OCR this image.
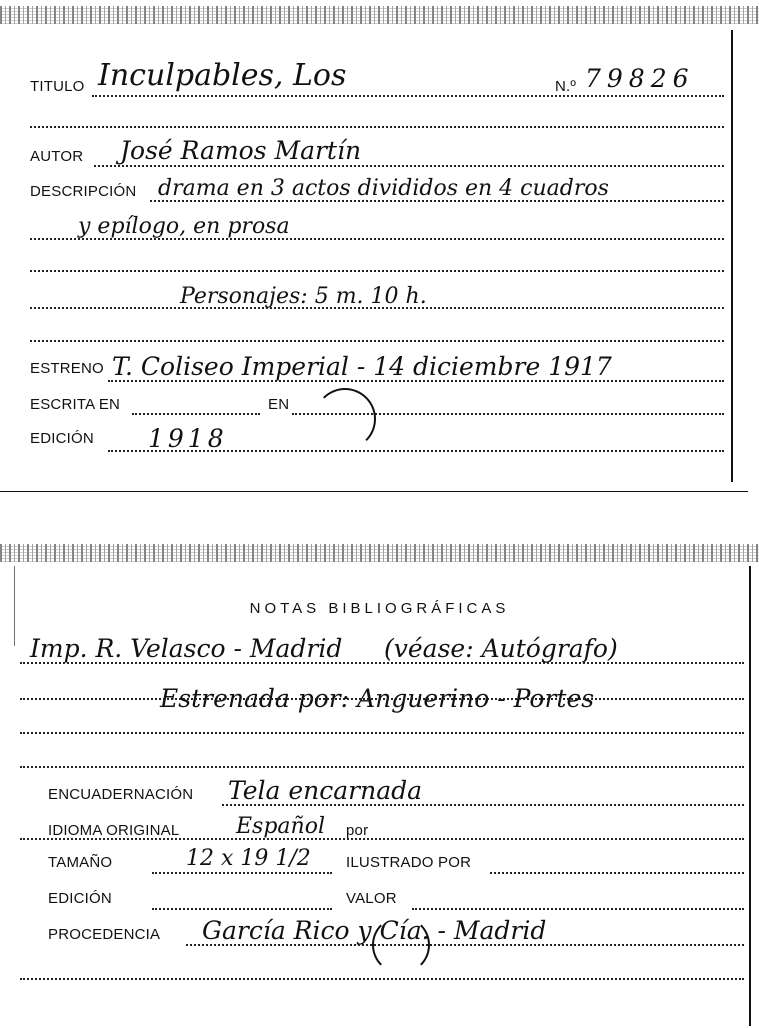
TITULO Inculpables, Los	N.º 79826
AUTOR José Ramos Martín
DESCRIPCIÓN drama en 3 actos divididos en 4 cuadros
y epílogo, en prosa
Personajes: 5 m. 10 h.
ESTRENO T. Coliseo Imperial - 14 diciembre 1917
ESCRITA EN	EN
EDICIÓN 1918
NOTAS BIBLIOGRÁFICAS
Imp. R. Velasco - Madrid (véase: Autógrafo)
Estrenada por: Anguerino - Portes
ENCUADERNACIÓN Tela encarnada
IDIOMA ORIGINAL	Español por
TAMAÑO	12 x 19 1/2 ILUSTRADO POR
EDICIÓN	VALOR
PROCEDENCIA García Rico y Cía. - Madrid
